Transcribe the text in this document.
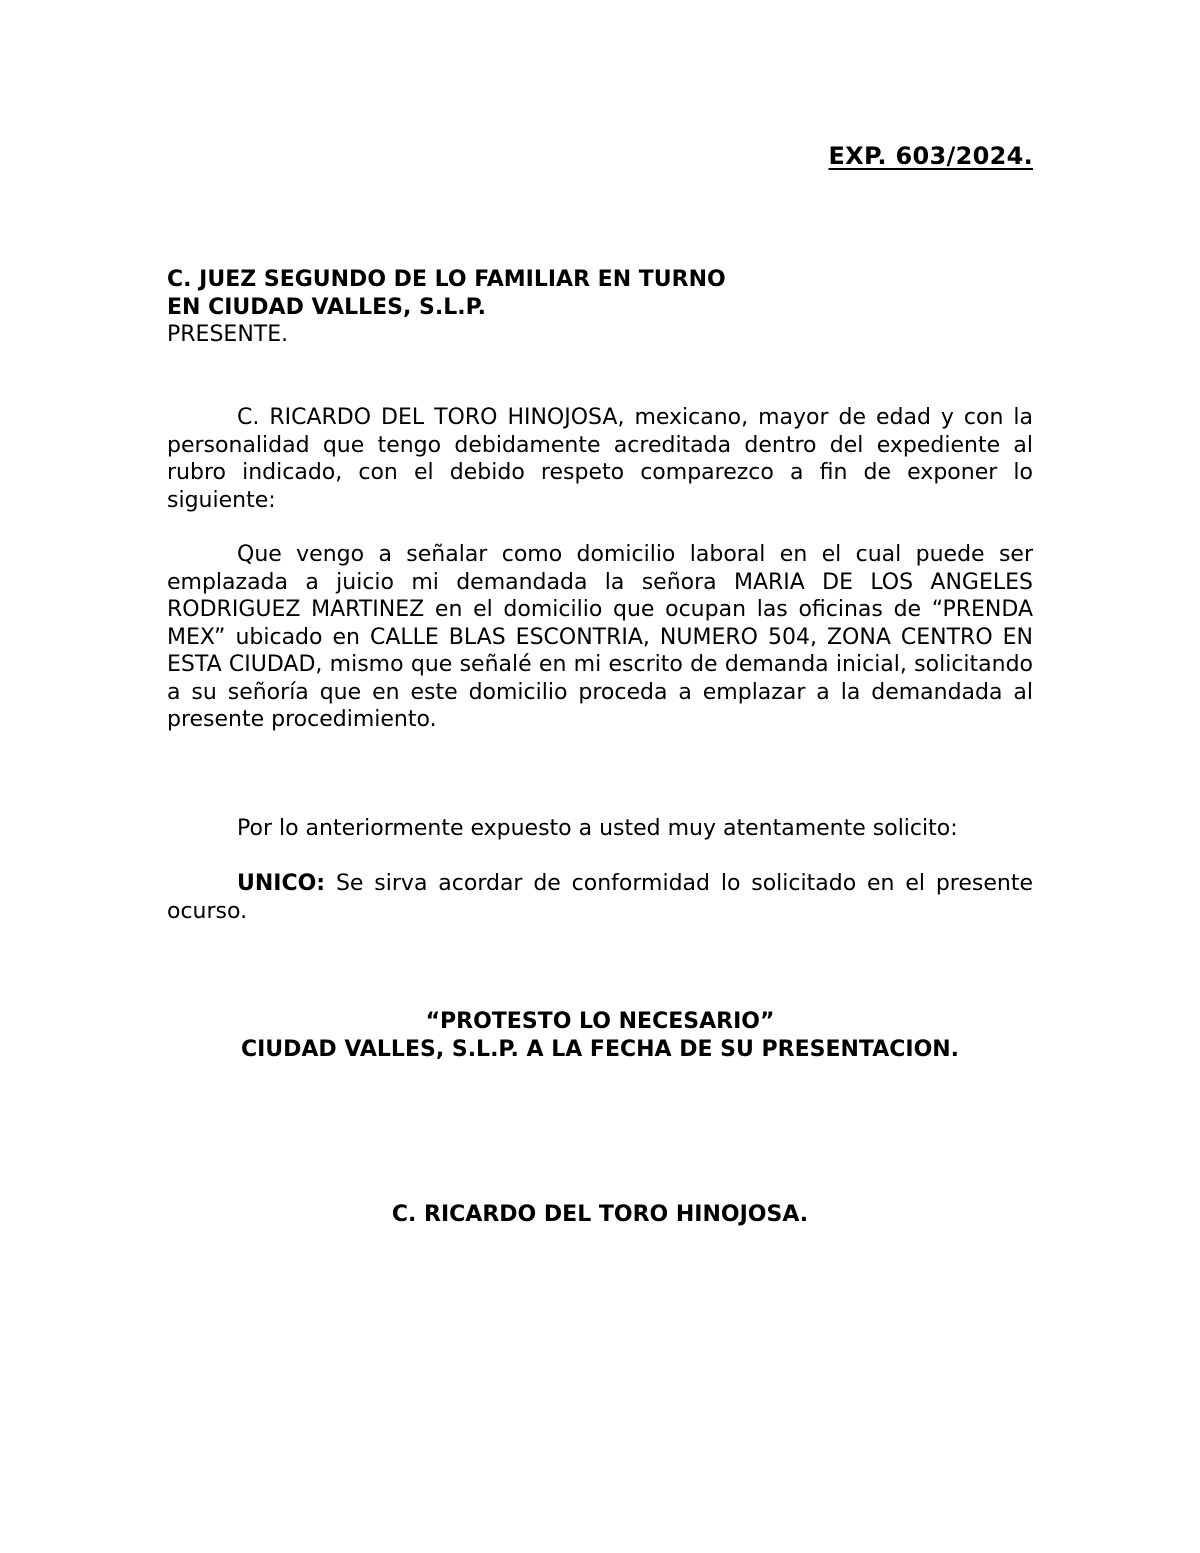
EXP. 603/2024.
C. JUEZ SEGUNDO DE LO FAMILIAR EN TURNO
EN CIUDAD VALLES, S.L.P.
PRESENTE.

C. RICARDO DEL TORO HINOJOSA, mexicano, mayor de edad y con la personalidad que tengo debidamente acreditada dentro del expediente al rubro indicado, con el debido respeto comparezco a fin de exponer lo siguiente:

Que vengo a señalar como domicilio laboral en el cual puede ser emplazada a juicio mi demandada la señora MARIA DE LOS ANGELES RODRIGUEZ MARTINEZ en el domicilio que ocupan las oficinas de “PRENDA MEX” ubicado en CALLE BLAS ESCONTRIA, NUMERO 504, ZONA CENTRO EN ESTA CIUDAD, mismo que señalé en mi escrito de demanda inicial, solicitando a su señoría que en este domicilio proceda a emplazar a la demandada al presente procedimiento.

Por lo anteriormente expuesto a usted muy atentamente solicito:

UNICO: Se sirva acordar de conformidad lo solicitado en el presente ocurso.

“PROTESTO LO NECESARIO”
CIUDAD VALLES, S.L.P. A LA FECHA DE SU PRESENTACION.
C. RICARDO DEL TORO HINOJOSA.
